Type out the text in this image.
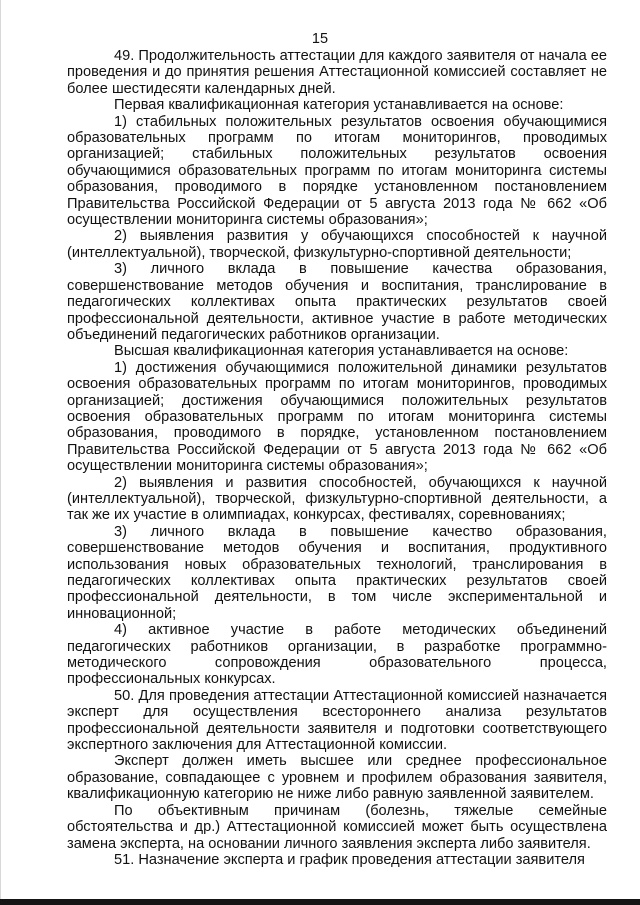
15

49. Продолжительность аттестации для каждого заявителя от начала ее проведения и до принятия решения Аттестационной комиссией составляет не более шестидесяти календарных дней.

Первая квалификационная категория устанавливается на основе:

1) стабильных положительных результатов освоения обучающимися образовательных программ по итогам мониторингов, проводимых организацией; стабильных положительных результатов освоения обучающимися образовательных программ по итогам мониторинга системы образования, проводимого в порядке установленном постановлением Правительства Российской Федерации от 5 августа 2013 года № 662 «Об осуществлении мониторинга системы образования»;

2) выявления развития у обучающихся способностей к научной (интеллектуальной), творческой, физкультурно-спортивной деятельности;

3) личного вклада в повышение качества образования, совершенствование методов обучения и воспитания, транслирование в педагогических коллективах опыта практических результатов своей профессиональной деятельности, активное участие в работе методических объединений педагогических работников организации.

Высшая квалификационная категория устанавливается на основе:

1) достижения обучающимися положительной динамики результатов освоения образовательных программ по итогам мониторингов, проводимых организацией; достижения обучающимися положительных результатов освоения образовательных программ по итогам мониторинга системы образования, проводимого в порядке, установленном постановлением Правительства Российской Федерации от 5 августа 2013 года № 662 «Об осуществлении мониторинга системы образования»;

2) выявления и развития способностей, обучающихся к научной (интеллектуальной), творческой, физкультурно-спортивной деятельности, а так же их участие в олимпиадах, конкурсах, фестивалях, соревнованиях;

3) личного вклада в повышение качество образования, совершенствование методов обучения и воспитания, продуктивного использования новых образовательных технологий, транслирования в педагогических коллективах опыта практических результатов своей профессиональной деятельности, в том числе экспериментальной и инновационной;

4) активное участие в работе методических объединений педагогических работников организации, в разработке программно-методического сопровождения образовательного процесса, профессиональных конкурсах.

50. Для проведения аттестации Аттестационной комиссией назначается эксперт для осуществления всестороннего анализа результатов профессиональной деятельности заявителя и подготовки соответствующего экспертного заключения для Аттестационной комиссии.

Эксперт должен иметь высшее или среднее профессиональное образование, совпадающее с уровнем и профилем образования заявителя, квалификационную категорию не ниже либо равную заявленной заявителем.

По объективным причинам (болезнь, тяжелые семейные обстоятельства и др.) Аттестационной комиссией может быть осуществлена замена эксперта, на основании личного заявления эксперта либо заявителя.

51. Назначение эксперта и график проведения аттестации заявителя
